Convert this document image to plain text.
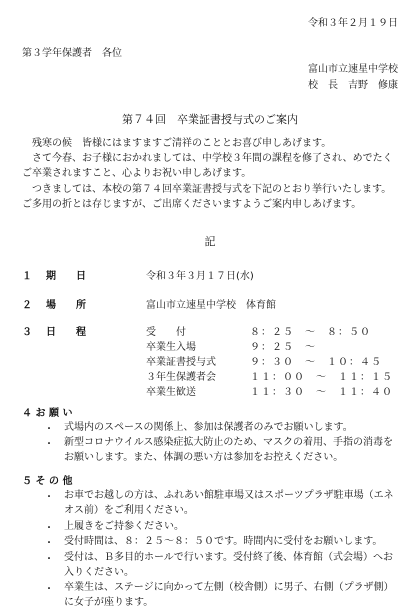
令和３年２月１９日
第３学年保護者　各位
富山市立速星中学校
校　長　吉野　修康
第７４回　卒業証書授与式のご案内
残寒の候　皆様にはますますご清祥のこととお喜び申しあげます。
さて今春、お子様におかれましては、中学校３年間の課程を修了され、めでたくご卒業されますこと、心よりお祝い申しあげます。
つきましては、本校の第７４回卒業証書授与式を下記のとおり挙行いたします。ご多用の折とは存じますが、ご出席くださいますようご案内申しあげます。
記
１ 期　　日	令和３年３月１７日(水)
２ 場　　所	富山市立速星中学校　体育館
３ 日　　程	受　　付	８：２５　～　８：５０
卒業生入場	９：２５　～
卒業証書授与式	９：３０　～　１０：４５
３年生保護者会	１１：００　～　１１：１５
卒業生歓送	１１：３０　～　１１：４０
４ お 願 い
・ 式場内のスペースの関係上、参加は保護者のみでお願いします。
・ 新型コロナウイルス感染症拡大防止のため、マスクの着用、手指の消毒をお願いします。また、体調の悪い方は参加をお控えください。
５ そ の 他
・ お車でお越しの方は、ふれあい館駐車場又はスポーツプラザ駐車場（エネオス前）をご利用ください。
・ 上履きをご持参ください。
・ 受付時間は、８：２５～８：５０です。時間内に受付をお願いします。
・ 受付は、Ｂ多目的ホールで行います。受付終了後、体育館（式会場）へお入りください。
・ 卒業生は、ステージに向かって左側（校舎側）に男子、右側（プラザ側）に女子が座ります。
